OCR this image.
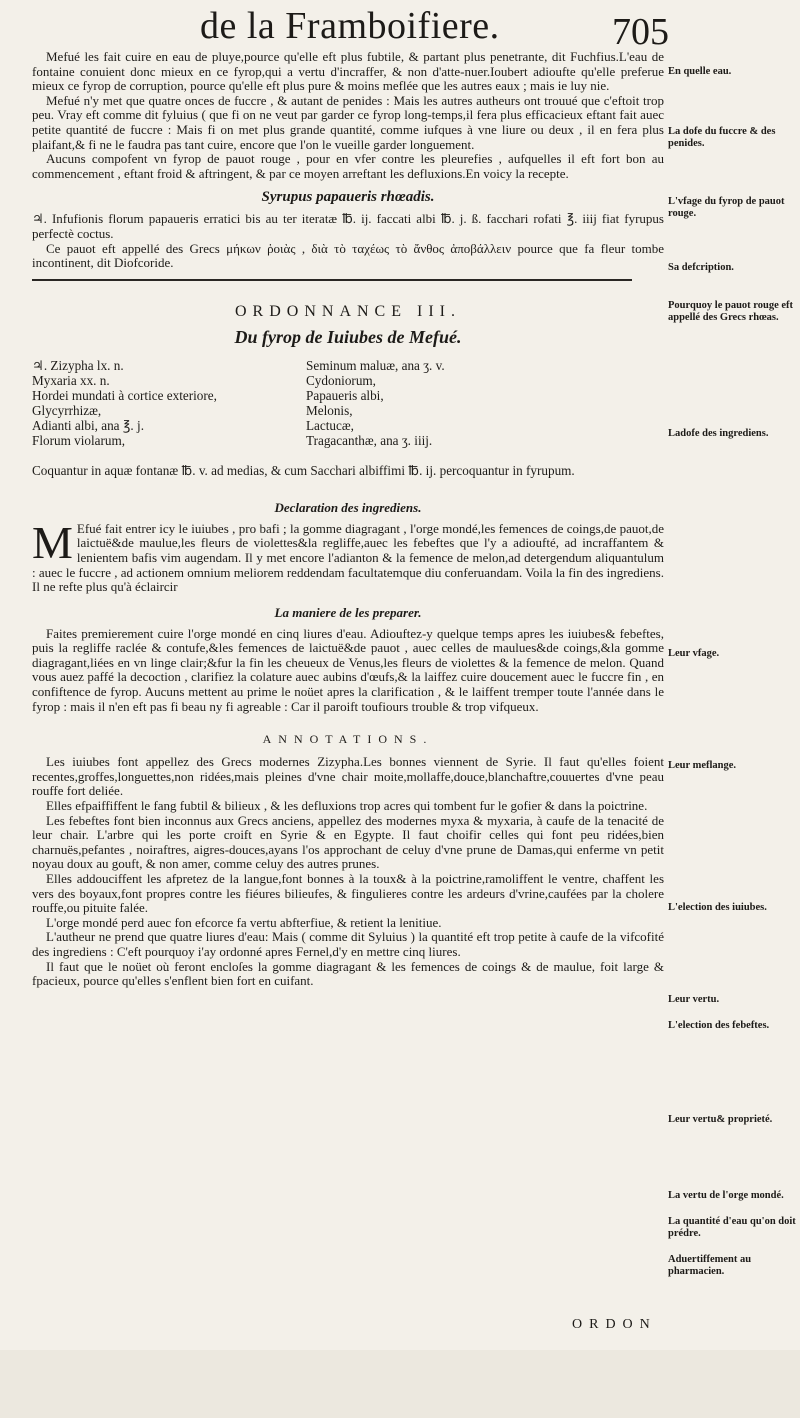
de la Framboifiere.	705

Mefué les fait cuire en eau de pluye,pource qu'elle eft plus fubtile, & partant plus penetrante, dit Fuchfius.L'eau de fontaine conuient donc mieux en ce fyrop,qui a vertu d'incraffer, & non d'atte-nuer.Ioubert adioufte qu'elle preferue mieux ce fyrop de corruption, pource qu'elle eft plus pure & moins meflée que les autres eaux ; mais ie luy nie.

Mefué n'y met que quatre onces de fuccre , & autant de penides : Mais les autres autheurs ont trouué que c'eftoit trop peu. Vray eft comme dit fyluius ( que fi on ne veut par garder ce fyrop long-temps,il fera plus efficacieux eftant fait auec petite quantité de fuccre : Mais fi on met plus grande quantité, comme iufques à vne liure ou deux , il en fera plus plaifant,& fi ne le faudra pas tant cuire, encore que l'on le vueille garder longuement.

Aucuns compofent vn fyrop de pauot rouge , pour en vfer contre les pleurefies , aufquelles il eft fort bon au commencement , eftant froid & aftringent, & par ce moyen arreftant les defluxions.En voicy la recepte.

Syrupus papaueris rhœadis.

♃. Infufionis florum papaueris erratici bis au ter iteratæ ℔. ij. faccati albi ℔. j. ß. facchari rofati ℥. iiij fiat fyrupus perfectè coctus.

Ce pauot eft appellé des Grecs μήκων ῥοιὰς , διὰ τὸ ταχέως τὸ ἄνθος ἀποβάλλειν pource que fa fleur tombe incontinent, dit Diofcoride.

ORDONNANCE III.
Du fyrop de Iuiubes de Mefué.
♃. Zizypha lx. n.
Myxaria xx. n.
Hordei mundati à cortice exteriore,
Glycyrrhizæ,
Adianti albi, ana ℥. j.
Florum violarum,
Seminum maluæ, ana ʒ. v.
Cydoniorum,
Papaueris albi,
Melonis,
Lactucæ,
Tragacanthæ, ana ʒ. iiij.
Coquantur in aquæ fontanæ ℔. v. ad medias, & cum Sacchari albiffimi ℔. ij. percoquantur in fyrupum.
Declaration des ingrediens.

M Efué fait entrer icy le iuiubes , pro bafi ; la gomme diagragant , l'orge mondé,les femences de coings,de pauot,de laictuë&de maulue,les fleurs de violettes&la regliffe,auec les febeftes que l'y a adioufté, ad incraffantem & lenientem bafis vim augendam. Il y met encore l'adianton & la femence de melon,ad detergendum aliquantulum : auec le fuccre , ad actionem omnium meliorem reddendam facultatemque diu conferuandam. Voila la fin des ingrediens. Il ne refte plus qu'à éclaircir

La maniere de les preparer.

Faites premierement cuire l'orge mondé en cinq liures d'eau. Adiouftez-y quelque temps apres les iuiubes& febeftes, puis la regliffe raclée & contufe,&les femences de laictuë&de pauot , auec celles de maulues&de coings,&la gomme diagragant,liées en vn linge clair;&fur la fin les cheueux de Venus,les fleurs de violettes & la femence de melon. Quand vous auez paffé la decoction , clarifiez la colature auec aubins d'œufs,& la laiffez cuire doucement auec le fuccre fin , en confiftence de fyrop. Aucuns mettent au prime le noüet apres la clarification , & le laiffent tremper toute l'année dans le fyrop : mais il n'en eft pas fi beau ny fi agreable : Car il paroift toufiours trouble & trop vifqueux.

ANNOTATIONS.

Les iuiubes font appellez des Grecs modernes Zizypha.Les bonnes viennent de Syrie. Il faut qu'elles foient recentes,groffes,longuettes,non ridées,mais pleines d'vne chair moite,mollaffe,douce,blanchaftre,couuertes d'vne peau rouffe fort deliée.

Elles efpaiffiffent le fang fubtil & bilieux , & les defluxions trop acres qui tombent fur le gofier & dans la poictrine.

Les febeftes font bien inconnus aux Grecs anciens, appellez des modernes myxa & myxaria, à caufe de la tenacité de leur chair. L'arbre qui les porte croift en Syrie & en Egypte. Il faut choifir celles qui font peu ridées,bien charnuës,pefantes , noiraftres, aigres-douces,ayans l'os approchant de celuy d'vne prune de Damas,qui enferme vn petit noyau doux au gouft, & non amer, comme celuy des autres prunes.

Elles addouciffent les afpretez de la langue,font bonnes à la toux& à la poictrine,ramoliffent le ventre, chaffent les vers des boyaux,font propres contre les fiéures bilieufes, & fingulieres contre les ardeurs d'vrine,caufées par la cholere rouffe,ou pituite falée.

L'orge mondé perd auec fon efcorce fa vertu abfterfiue, & retient la lenitiue.

L'autheur ne prend que quatre liures d'eau: Mais ( comme dit Syluius ) la quantité eft trop petite à caufe de la vifcofité des ingrediens : C'eft pourquoy i'ay ordonné apres Fernel,d'y en mettre cinq liures.

Il faut que le noüet où feront encloſes la gomme diagragant & les femences de coings & de maulue, foit large & fpacieux, pource qu'elles s'enflent bien fort en cuifant.

En quelle eau.
La dofe du fuccre & des penides.
L'vfage du fyrop de pauot rouge.
Sa defcription.
Pourquoy le pauot rouge eft appellé des Grecs rhœas.
Ladofe des ingrediens.
Leur vfage.
Leur meflange.
L'election des iuiubes.
Leur vertu.
L'election des febeftes.
Leur vertu& proprieté.
La vertu de l'orge mondé.
La quantité d'eau qu'on doit prédre.
Aduertiffement au pharmacien.
ORDON
